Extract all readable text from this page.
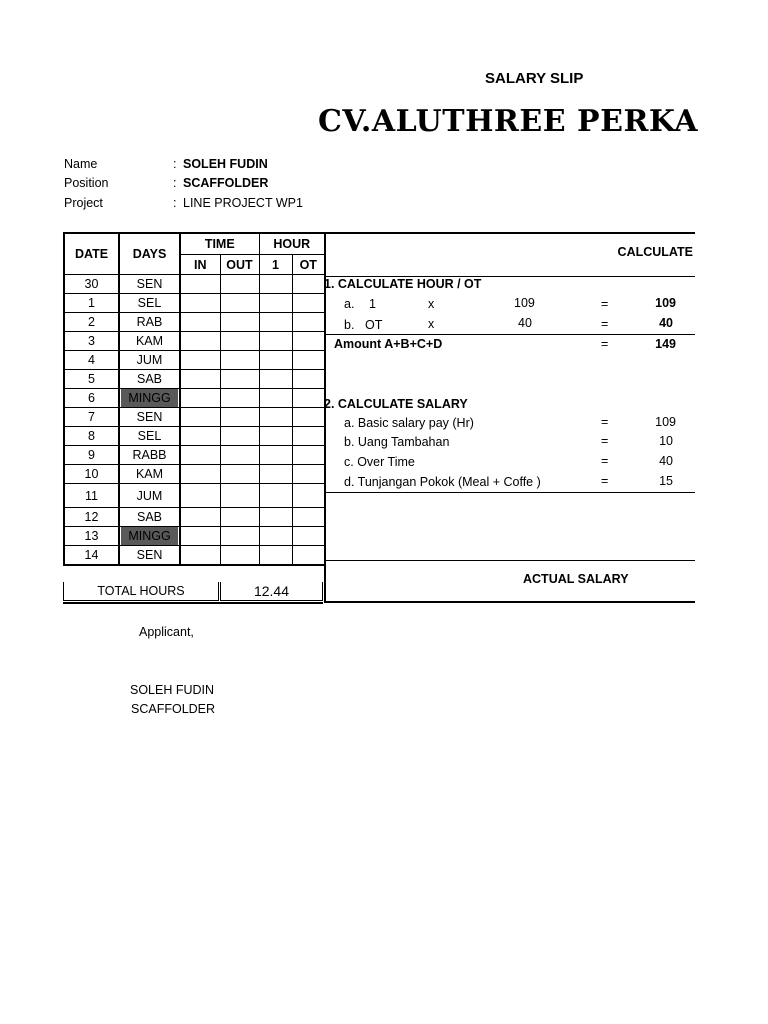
SALARY SLIP
CV.ALUTHREE PERKA
Name	: SOLEH FUDIN
Position	: SCAFFOLDER
Project	: LINE PROJECT WP1
DATE	DAYS	TIME		HOUR	
		IN	OUT	1	OT
30	SEN				
1	SEL				
2	RAB				
3	KAM				
4	JUM				
5	SAB				
6	MINGG				
7	SEN				
8	SEL				
9	RABB				
10	KAM				
11	JUM				
12	SAB				
13	MINGG				
14	SEN				
TOTAL HOURS	12.44
CALCULATE
1. CALCULATE HOUR / OT
a. 1	x	109	=	109
b. OT	x	40	=	40
Amount A+B+C+D	=	149
2. CALCULATE SALARY
a. Basic salary pay (Hr)	=	109
b. Uang Tambahan	=	10
c. Over Time	=	40
d. Tunjangan Pokok (Meal + Coffe )	=	15
ACTUAL SALARY
Applicant,
SOLEH FUDIN
SCAFFOLDER
